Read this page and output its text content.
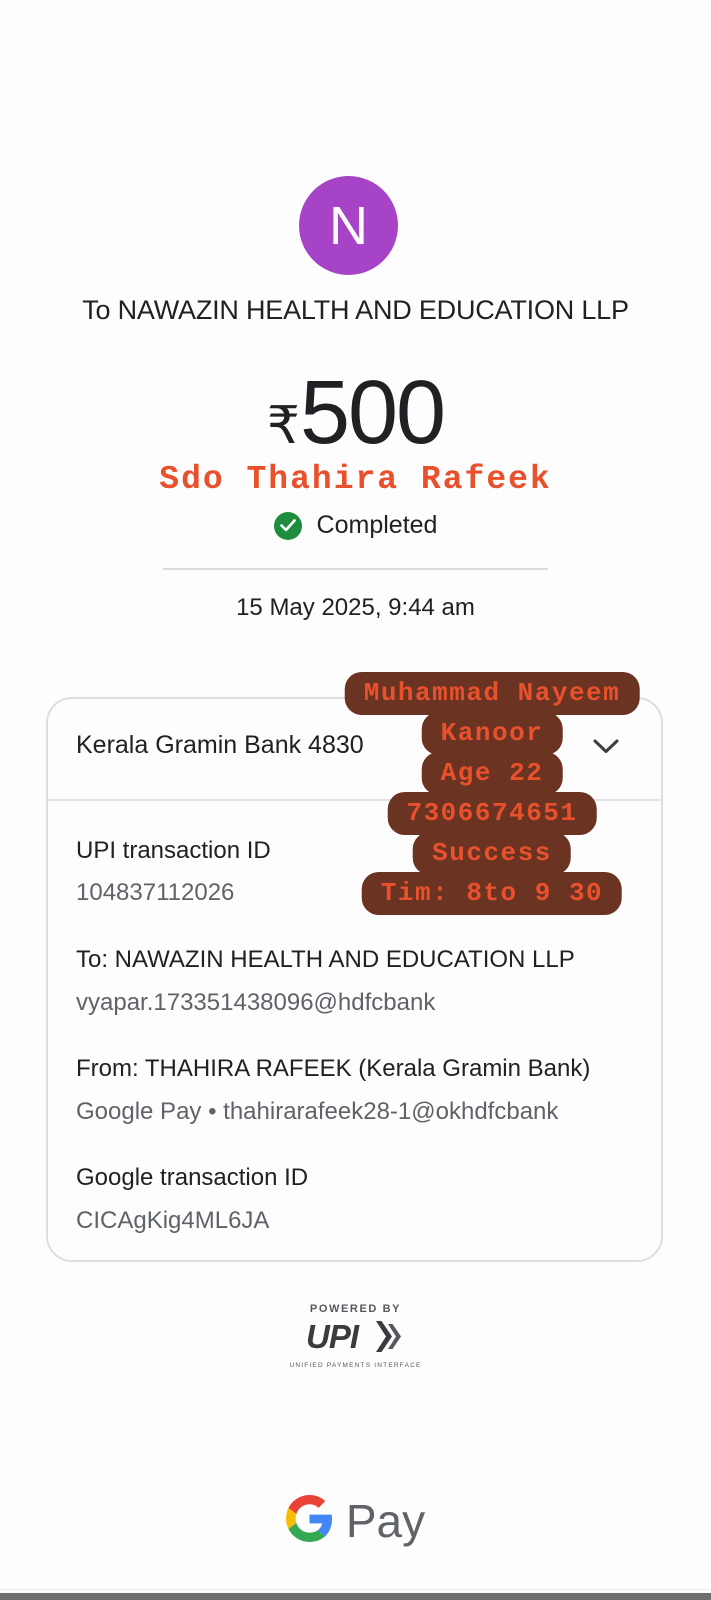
N
To NAWAZIN HEALTH AND EDUCATION LLP
₹500
Sdo Thahira Rafeek
Completed
15 May 2025, 9:44 am
Kerala Gramin Bank 4830
UPI transaction ID
104837112026
To: NAWAZIN HEALTH AND EDUCATION LLP
vyapar.173351438096@hdfcbank
From: THAHIRA RAFEEK (Kerala Gramin Bank)
Google Pay • thahirarafeek28-1@okhdfcbank
Google transaction ID
CICAgKig4ML6JA
Muhammad Nayeem
Kanoor
Age 22
7306674651
Success
Tim: 8to 9 30
POWERED BY
UPI
UNIFIED PAYMENTS INTERFACE
Pay
